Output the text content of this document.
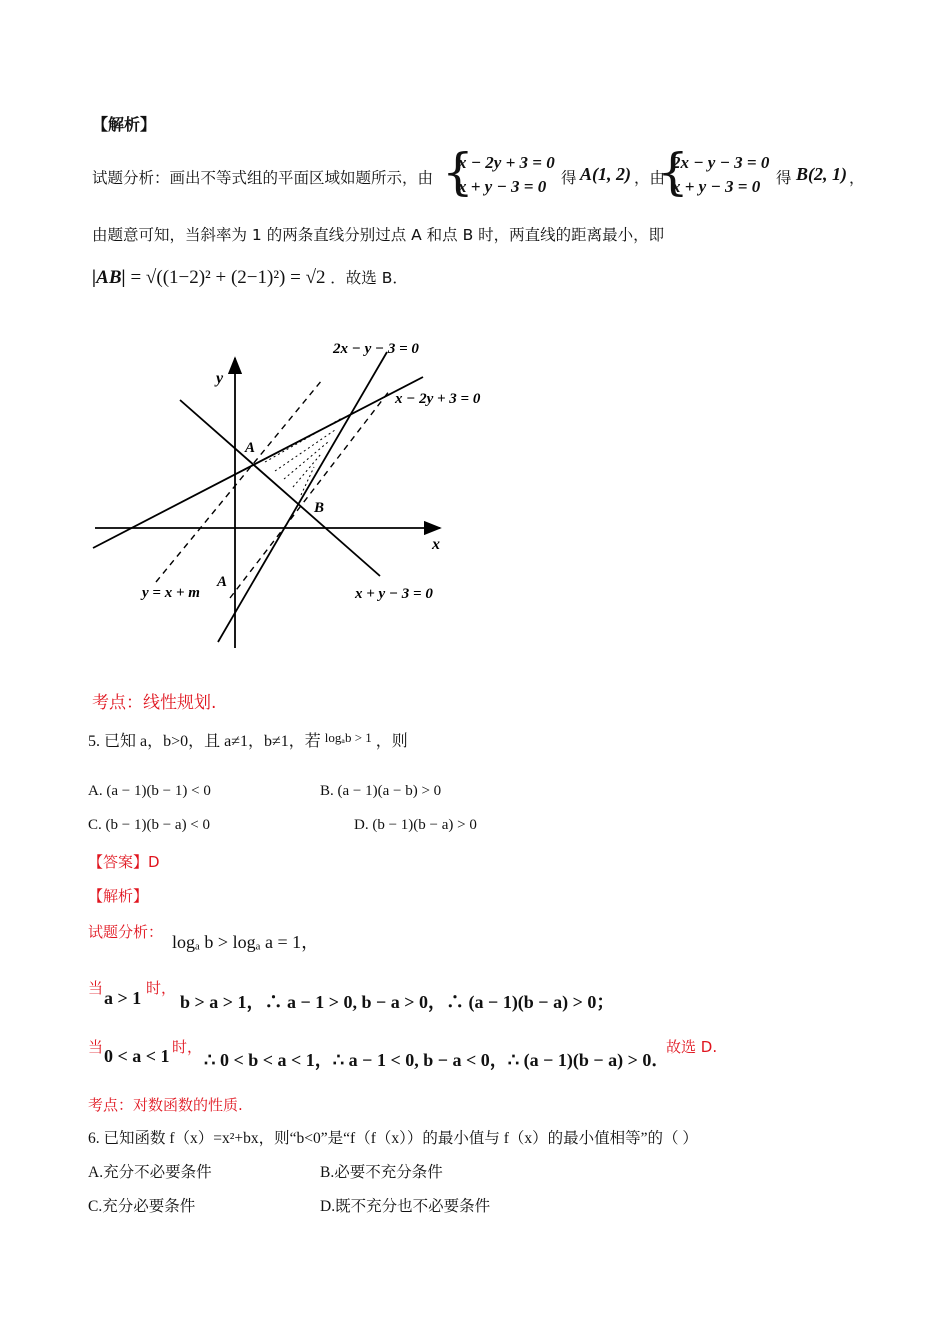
【解析】
试题分析：画出不等式组的平面区域如题所示，由 {
x − 2y + 3 = 0
x + y − 3 = 0 得 A(1, 2) ，由
{
2x − y − 3 = 0
x + y − 3 = 0	得 B(2, 1) ，
由题意可知，当斜率为 1 的两条直线分别过点 A 和点 B 时，两直线的距离最小，即
|AB| = √((1−2)² + (2−1)²) = √2 ．故选 B．
2x − y − 3 = 0
x − 2y + 3 = 0
x + y − 3 = 0
y = x + m
x
y
A
A
B
考点：线性规划.
5. 已知 a，b>0，且 a≠1，b≠1，若 $^{log_ab > 1}$ ，则
A. (a − 1)(b − 1) < 0	B. (a − 1)(a − b) > 0
C. (b − 1)(b − a) < 0	D. (b − 1)(b − a) > 0
【答案】D
【解析】
试题分析： logₐ b > logₐ a = 1，
当 a > 1 时，
b > a > 1，∴ a − 1 > 0, b − a > 0，∴ (a − 1)(b − a) > 0；
当 0 < a < 1 时，
∴ 0 < b < a < 1，∴ a − 1 < 0, b − a < 0，∴ (a − 1)(b − a) > 0．
故选 D.
考点：对数函数的性质.
6. 已知函数 f（x）=x²+bx，则“b<0”是“f（f（x））的最小值与 f（x）的最小值相等”的（ ）
A.充分不必要条件	B.必要不充分条件
C.充分必要条件	D.既不充分也不必要条件
